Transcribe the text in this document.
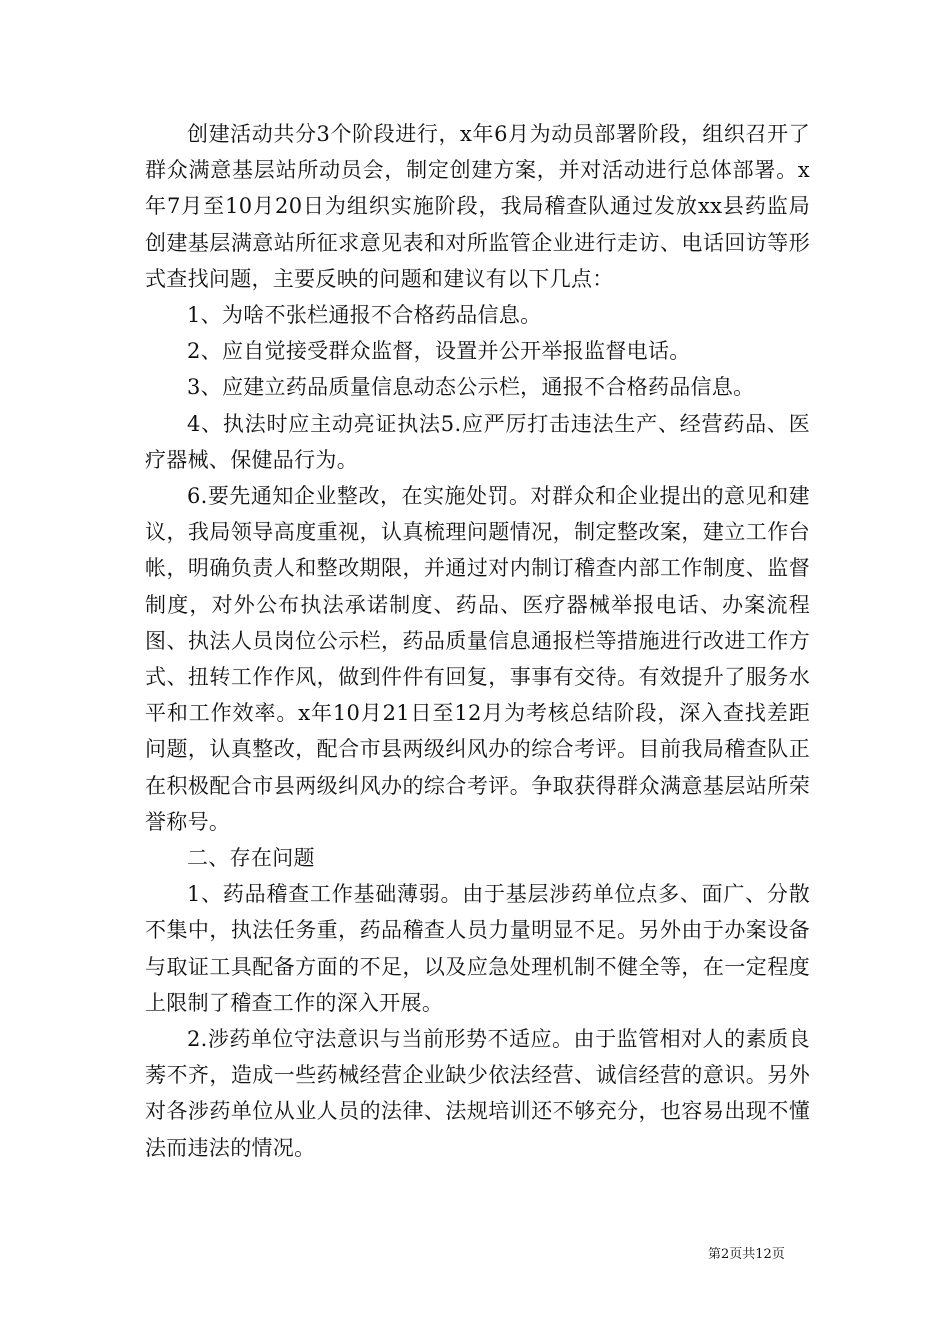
创建活动共分3个阶段进行，x年6月为动员部署阶段，组织召开了群众满意基层站所动员会，制定创建方案，并对活动进行总体部署。x年7月至10月20日为组织实施阶段，我局稽查队通过发放xx县药监局创建基层满意站所征求意见表和对所监管企业进行走访、电话回访等形式查找问题，主要反映的问题和建议有以下几点：

1、为啥不张栏通报不合格药品信息。

2、应自觉接受群众监督，设置并公开举报监督电话。

3、应建立药品质量信息动态公示栏，通报不合格药品信息。

4、执法时应主动亮证执法5.应严厉打击违法生产、经营药品、医疗器械、保健品行为。

6.要先通知企业整改，在实施处罚。对群众和企业提出的意见和建议，我局领导高度重视，认真梳理问题情况，制定整改案，建立工作台帐，明确负责人和整改期限，并通过对内制订稽查内部工作制度、监督制度，对外公布执法承诺制度、药品、医疗器械举报电话、办案流程图、执法人员岗位公示栏，药品质量信息通报栏等措施进行改进工作方式、扭转工作作风，做到件件有回复，事事有交待。有效提升了服务水平和工作效率。x年10月21日至12月为考核总结阶段，深入查找差距问题，认真整改，配合市县两级纠风办的综合考评。目前我局稽查队正在积极配合市县两级纠风办的综合考评。争取获得群众满意基层站所荣誉称号。

二、存在问题

1、药品稽查工作基础薄弱。由于基层涉药单位点多、面广、分散不集中，执法任务重，药品稽查人员力量明显不足。另外由于办案设备与取证工具配备方面的不足，以及应急处理机制不健全等，在一定程度上限制了稽查工作的深入开展。

2.涉药单位守法意识与当前形势不适应。由于监管相对人的素质良莠不齐，造成一些药械经营企业缺少依法经营、诚信经营的意识。另外对各涉药单位从业人员的法律、法规培训还不够充分，也容易出现不懂法而违法的情况。

第2页共12页
